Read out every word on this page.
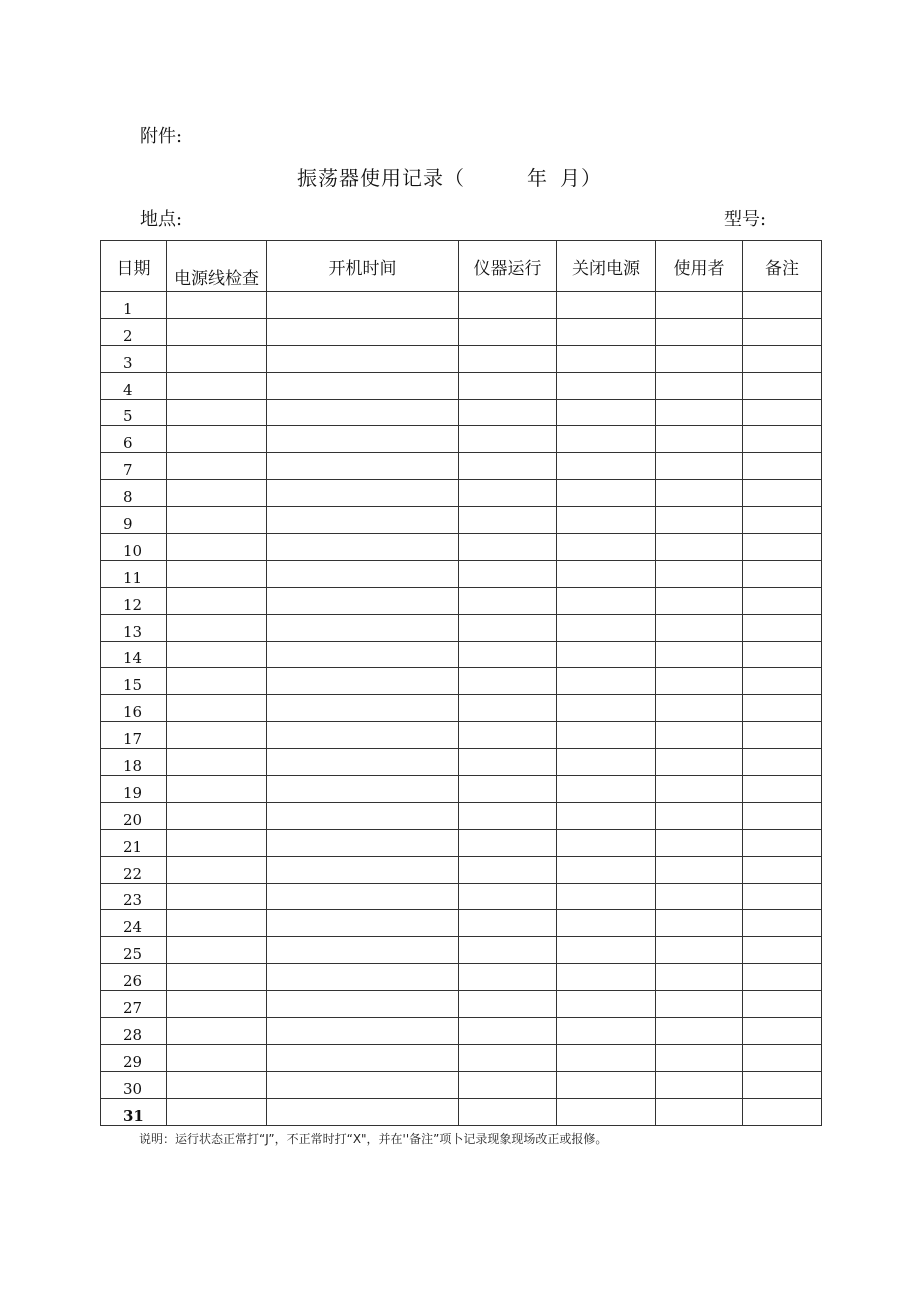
附件:
振荡器使用记录（	年 月）
地点:	型号:
日期	电源线检查	开机时间	仪器运行	关闭电源	使用者	备注
1						
2						
3						
4						
5						
6						
7						
8						
9						
10						
11						
12						
13						
14						
15						
16						
17						
18						
19						
20						
21						
22						
23						
24						
25						
26						
27						
28						
29						
30						
31						
说明：运行状态正常打“J”，不正常时打“X"，并在''备注”项卜记录现象现场改正或报修。
